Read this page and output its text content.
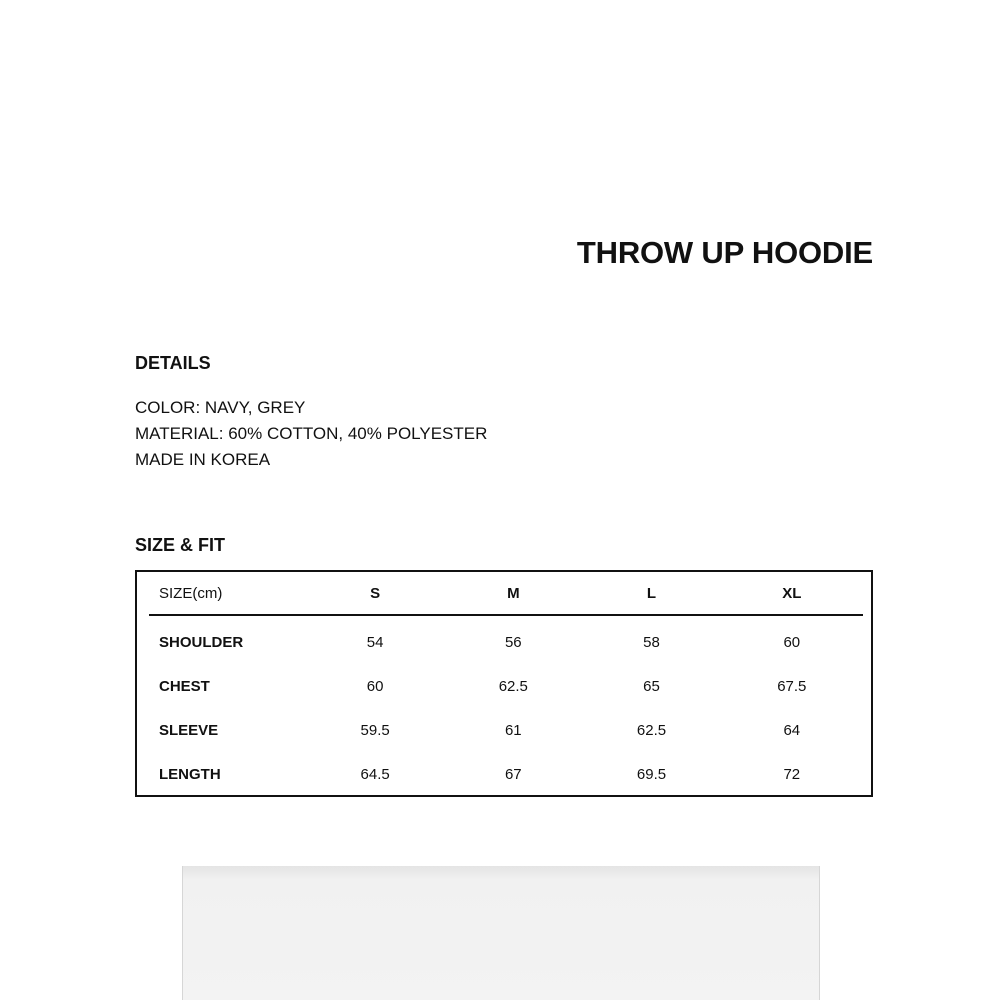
THROW UP HOODIE
DETAILS
COLOR: NAVY, GREY
MATERIAL: 60% COTTON, 40% POLYESTER
MADE IN KOREA
SIZE & FIT
SIZE(cm)	S	M	L	XL
SHOULDER	54	56	58	60
CHEST	60	62.5	65	67.5
SLEEVE	59.5	61	62.5	64
LENGTH	64.5	67	69.5	72
